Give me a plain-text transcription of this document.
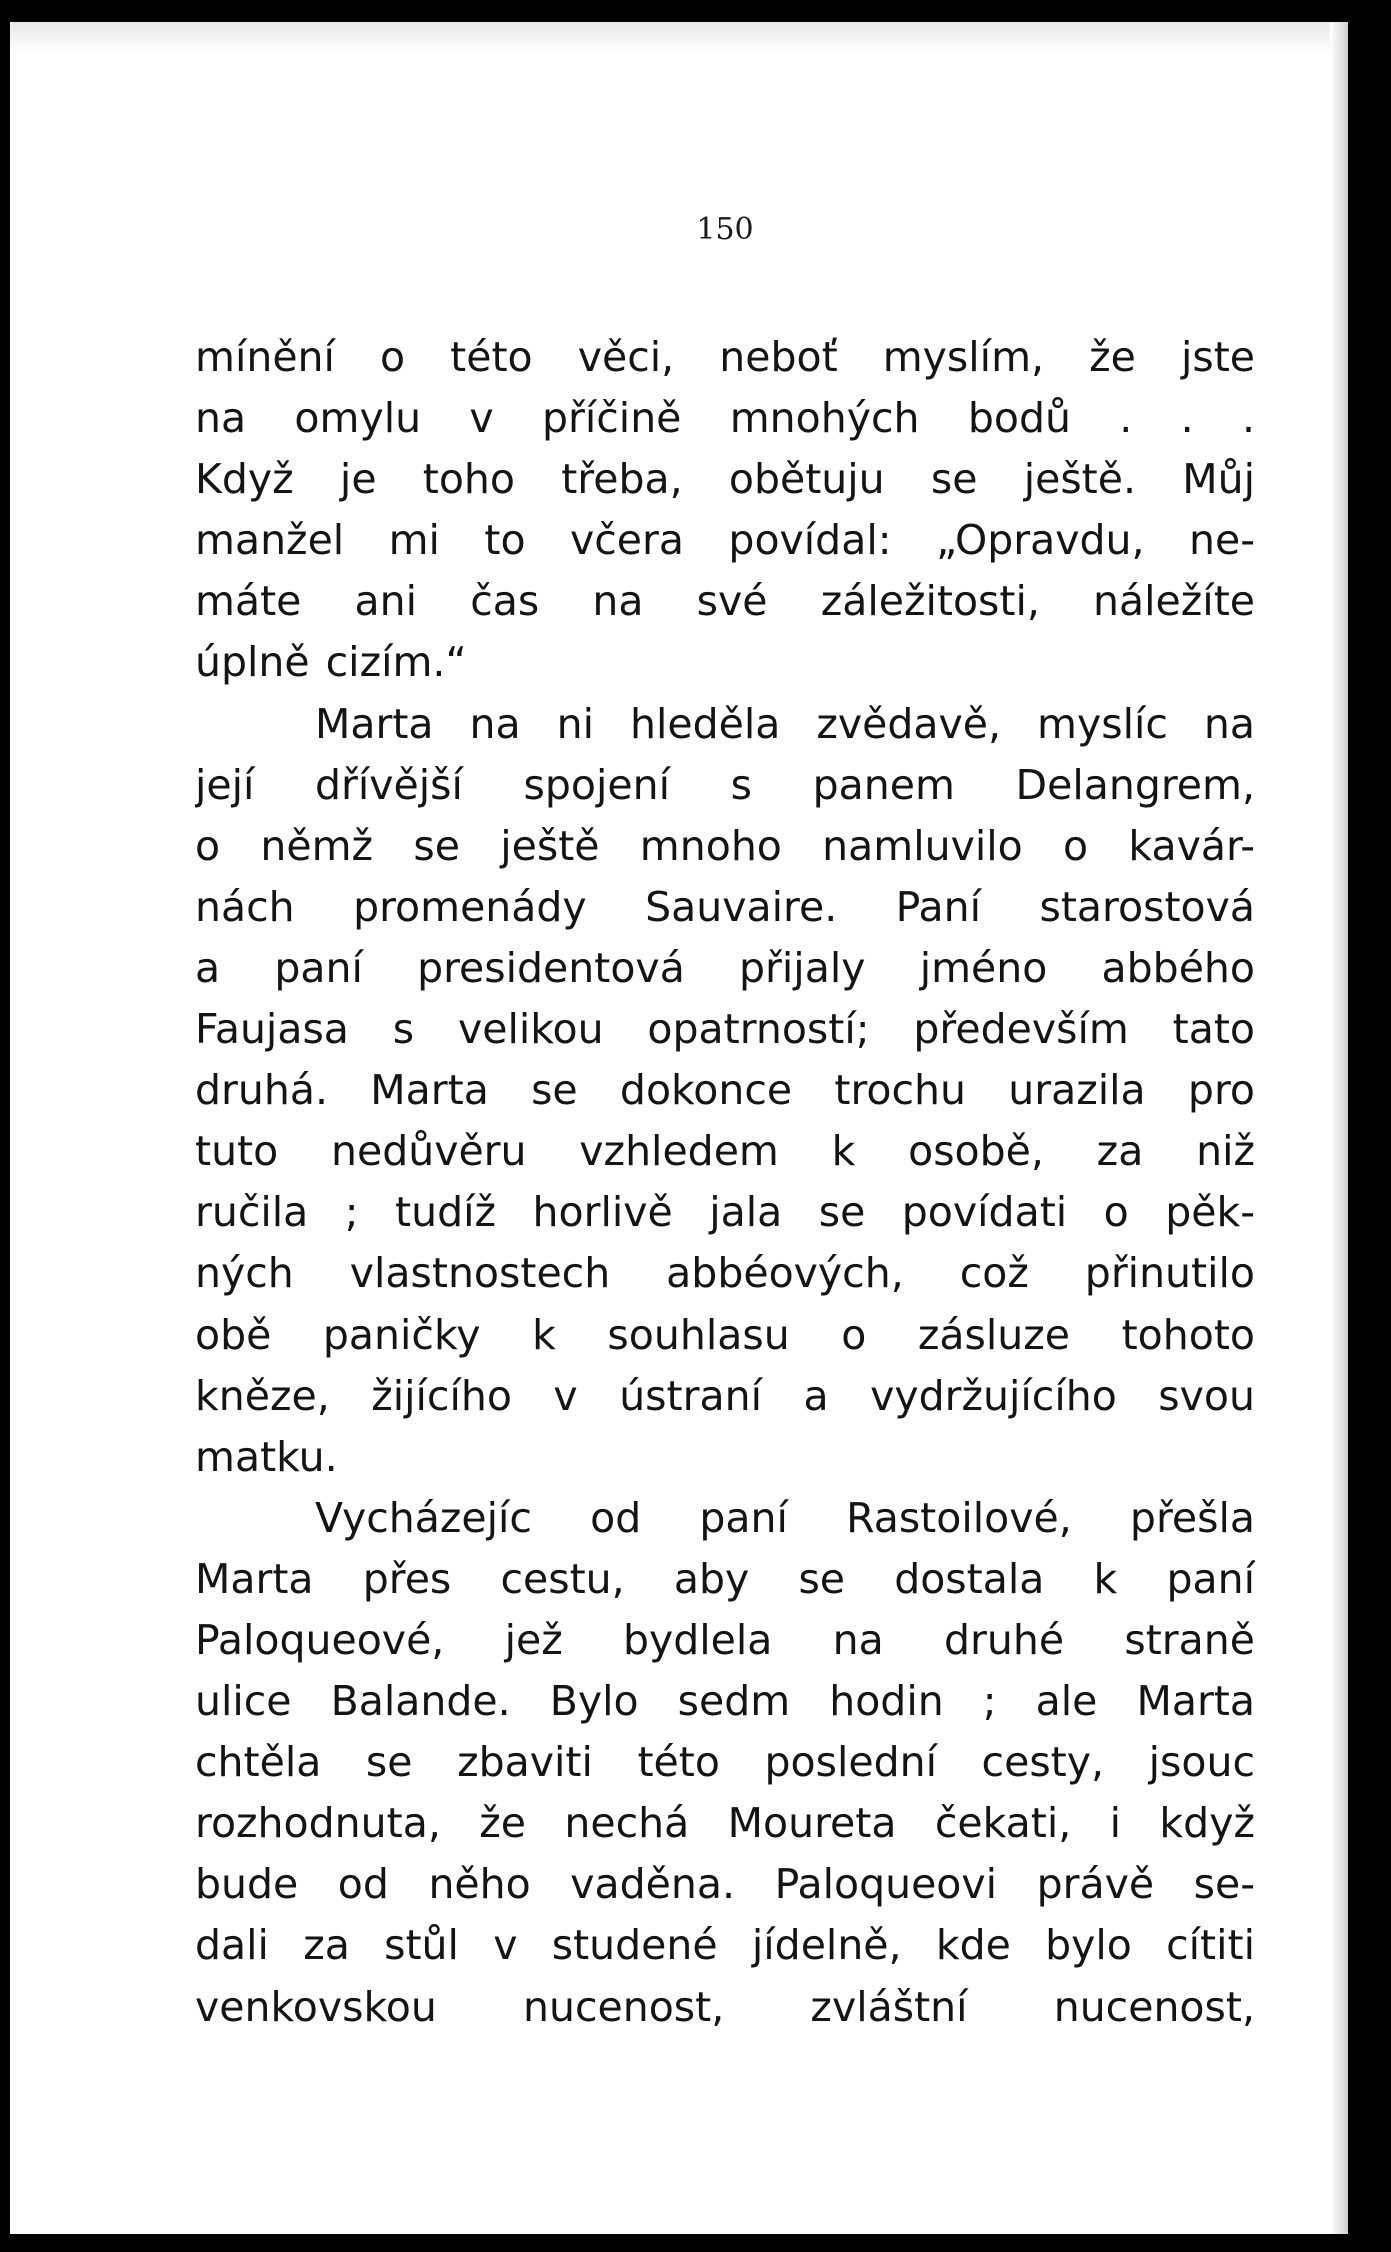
150

mínění o této věci, neboť myslím, že jste
na omylu v příčině mnohých bodů . . .
Když je toho třeba, obětuju se ještě. Můj
manžel mi to včera povídal: „Opravdu, ne-
máte ani čas na své záležitosti, náležíte
úplně cizím.“
Marta na ni hleděla zvědavě, myslíc na
její dřívější spojení s panem Delangrem,
o němž se ještě mnoho namluvilo o kavár-
nách promenády Sauvaire. Paní starostová
a paní presidentová přijaly jméno abbého
Faujasa s velikou opatrností; především tato
druhá. Marta se dokonce trochu urazila pro
tuto nedůvěru vzhledem k osobě, za niž
ručila ; tudíž horlivě jala se povídati o pěk-
ných vlastnostech abbéových, což přinutilo
obě paničky k souhlasu o zásluze tohoto
kněze, žijícího v ústraní a vydržujícího svou
matku.
Vycházejíc od paní Rastoilové, přešla
Marta přes cestu, aby se dostala k paní
Paloqueové, jež bydlela na druhé straně
ulice Balande. Bylo sedm hodin ; ale Marta
chtěla se zbaviti této poslední cesty, jsouc
rozhodnuta, že nechá Moureta čekati, i když
bude od něho vaděna. Paloqueovi právě se-
dali za stůl v studené jídelně, kde bylo cítiti
venkovskou nucenost, zvláštní nucenost,
